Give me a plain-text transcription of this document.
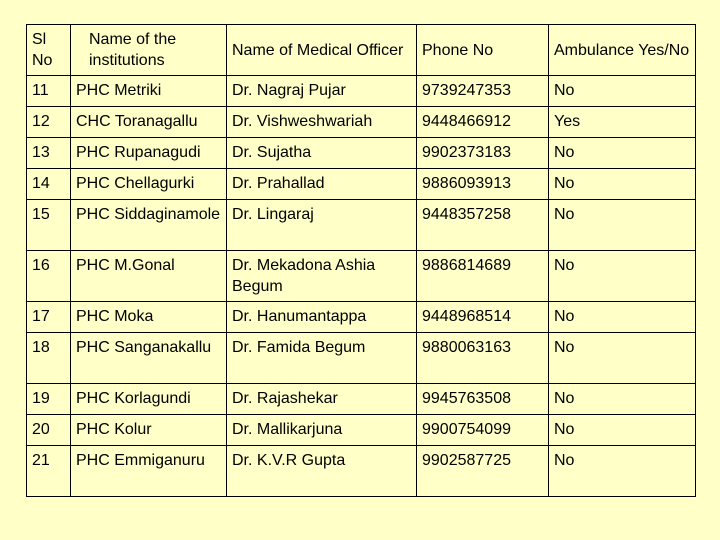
Sl
No	Name of the institutions	Name of Medical Officer	Phone No	Ambulance Yes/No
11	PHC Metriki	Dr. Nagraj Pujar	9739247353	No
12	CHC Toranagallu	Dr. Vishweshwariah	9448466912	Yes
13	PHC Rupanagudi	Dr. Sujatha	9902373183	No
14	PHC Chellagurki	Dr. Prahallad	9886093913	No
15	PHC Siddaginamole	Dr. Lingaraj	9448357258	No
16	PHC M.Gonal	Dr. Mekadona Ashia Begum	9886814689	No
17	PHC Moka	Dr. Hanumantappa	9448968514	No
18	PHC Sanganakallu	Dr. Famida Begum	9880063163	No
19	PHC Korlagundi	Dr. Rajashekar	9945763508	No
20	PHC Kolur	Dr. Mallikarjuna	9900754099	No
21	PHC Emmiganuru	Dr. K.V.R Gupta	9902587725	No
